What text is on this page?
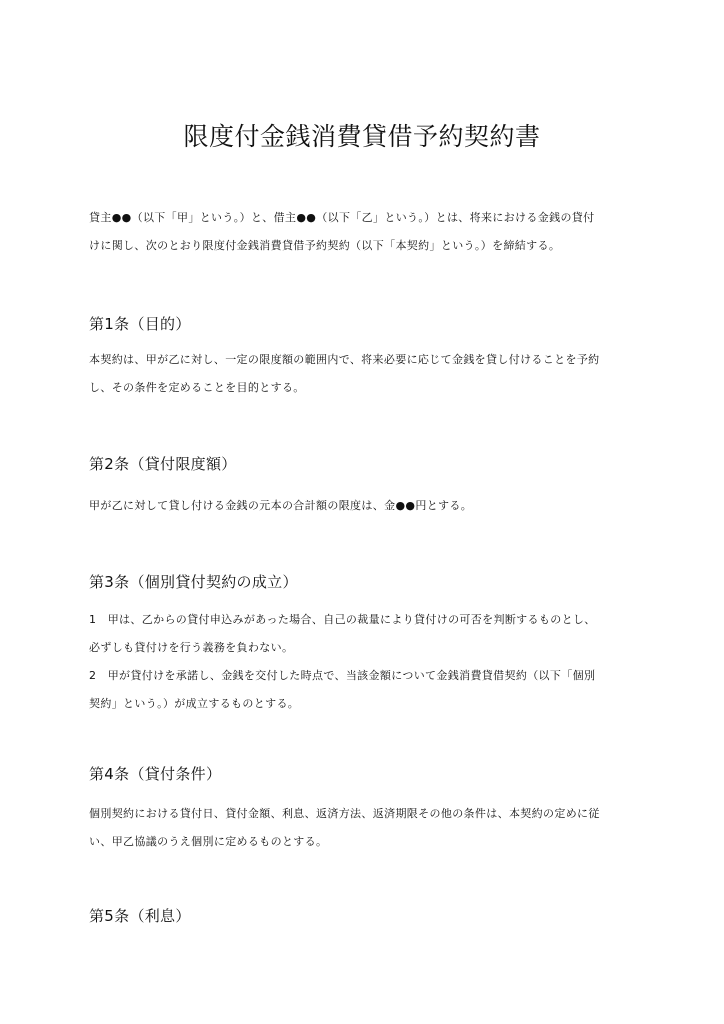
限度付金銭消費貸借予約契約書

貸主●●（以下「甲」という。）と、借主●●（以下「乙」という。）とは、将来における金銭の貸付

けに関し、次のとおり限度付金銭消費貸借予約契約（以下「本契約」という。）を締結する。

第1条（目的）

本契約は、甲が乙に対し、一定の限度額の範囲内で、将来必要に応じて金銭を貸し付けることを予約

し、その条件を定めることを目的とする。

第2条（貸付限度額）

甲が乙に対して貸し付ける金銭の元本の合計額の限度は、金●●円とする。

第3条（個別貸付契約の成立）

1　甲は、乙からの貸付申込みがあった場合、自己の裁量により貸付けの可否を判断するものとし、

必ずしも貸付けを行う義務を負わない。

2　甲が貸付けを承諾し、金銭を交付した時点で、当該金額について金銭消費貸借契約（以下「個別

契約」という。）が成立するものとする。

第4条（貸付条件）

個別契約における貸付日、貸付金額、利息、返済方法、返済期限その他の条件は、本契約の定めに従

い、甲乙協議のうえ個別に定めるものとする。

第5条（利息）
